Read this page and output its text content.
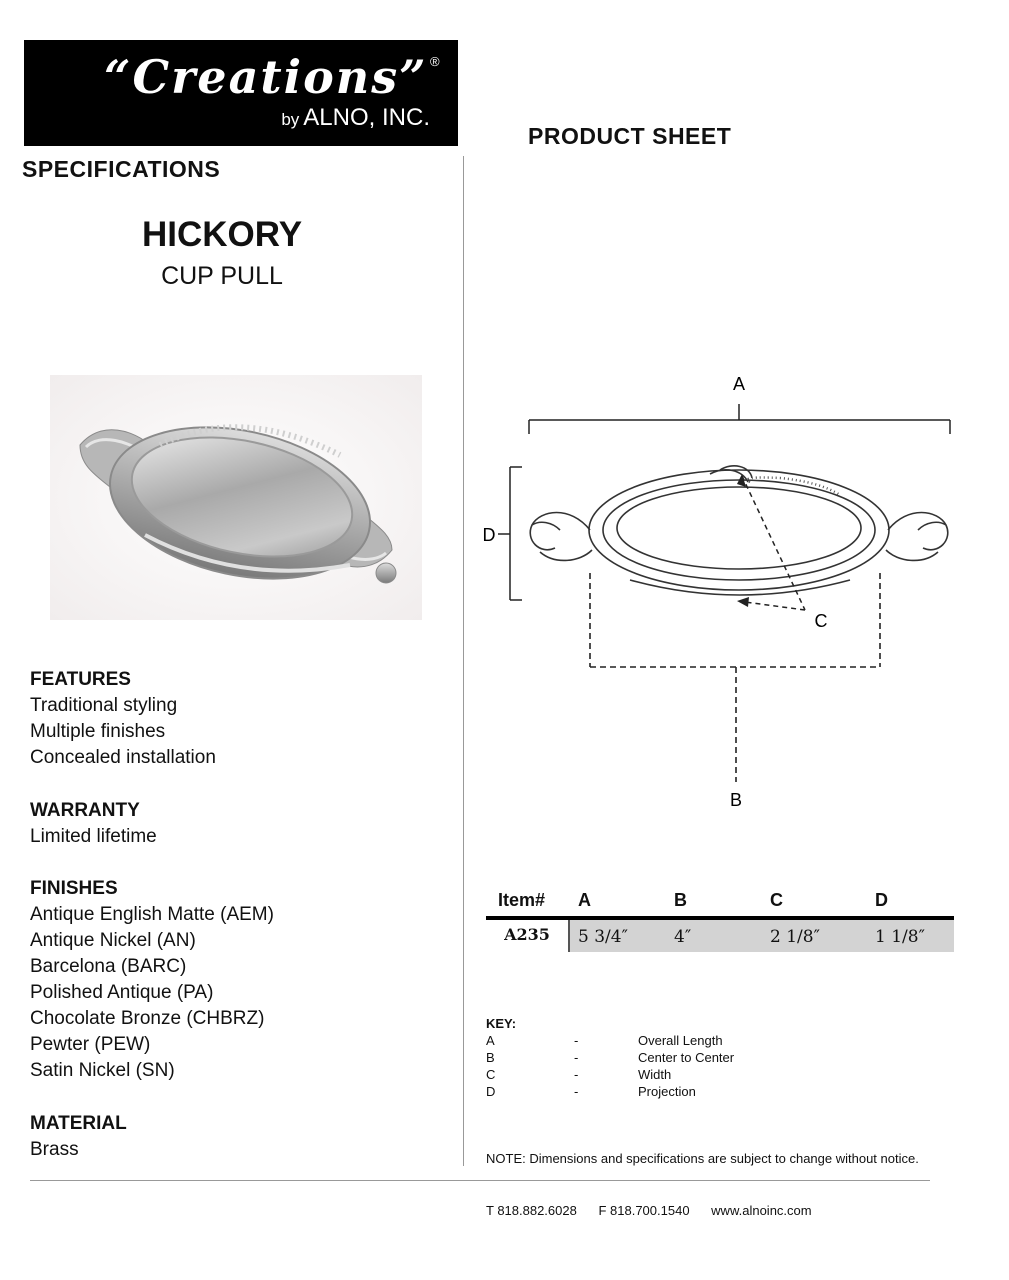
“Creations” ®
by ALNO, INC.
SPECIFICATIONS
PRODUCT SHEET
HICKORY
CUP PULL
FEATURES
Traditional styling
Multiple finishes
Concealed installation
WARRANTY
Limited lifetime
FINISHES
Antique English Matte (AEM)
Antique Nickel (AN)
Barcelona (BARC)
Polished Antique (PA)
Chocolate Bronze (CHBRZ)
Pewter (PEW)
Satin Nickel (SN)
MATERIAL
Brass
A
D
C
B
Item# A	B	C	D
A235	5 3/4″	4″	2 1/8″	1 1/8″
KEY:
A	-	Overall Length
B	-	Center to Center
C	-	Width
D	-	Projection
NOTE: Dimensions and specifications are subject to change without notice.
T 818.882.6028 F 818.700.1540 www.alnoinc.com
